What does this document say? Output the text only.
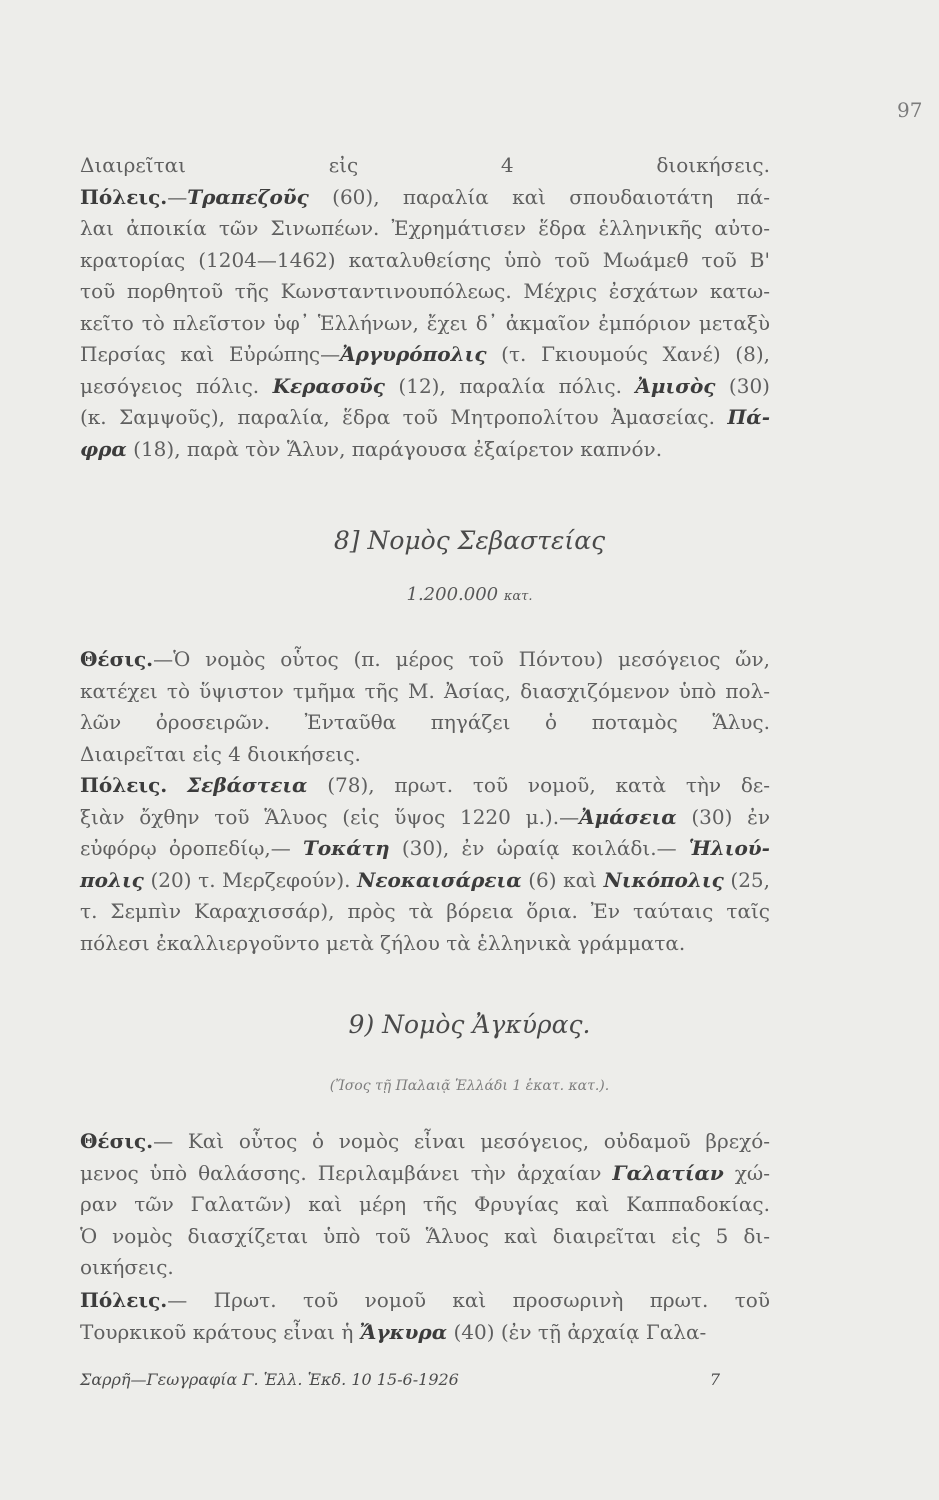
97
Διαιρεῖται εἰς 4 διοικήσεις.
Πόλεις.—Τραπεζοῦς (60), παραλία καὶ σπουδαιοτάτη πά-
λαι ἀποικία τῶν Σινωπέων. Ἐχρημάτισεν ἕδρα ἑλληνικῆς αὐτο-
κρατορίας (1204—1462) καταλυθείσης ὑπὸ τοῦ Μωάμεθ τοῦ Β'
τοῦ πορθητοῦ τῆς Κωνσταντινουπόλεως. Μέχρις ἐσχάτων κατω-
κεῖτο τὸ πλεῖστον ὑφ᾽ Ἑλλήνων, ἔχει δ᾽ ἀκμαῖον ἐμπόριον μεταξὺ
Περσίας καὶ Εὐρώπης—Ἀργυρόπολις (τ. Γκιουμούς Χανέ) (8),
μεσόγειος πόλις. Κερασοῦς (12), παραλία πόλις. Ἀμισὸς (30)
(κ. Σαμψοῦς), παραλία, ἕδρα τοῦ Μητροπολίτου Ἀμασείας. Πά-
φρα (18), παρὰ τὸν Ἅλυν, παράγουσα ἐξαίρετον καπνόν.
8] Νομὸς Σεβαστείας
1.200.000 κατ.
Θέσις.—Ὁ νομὸς οὗτος (π. μέρος τοῦ Πόντου) μεσόγειος ὤν,
κατέχει τὸ ὕψιστον τμῆμα τῆς Μ. Ἀσίας, διασχιζόμενον ὑπὸ πολ-
λῶν ὀροσειρῶν. Ἐνταῦθα πηγάζει ὁ ποταμὸς Ἅλυς.
Διαιρεῖται εἰς 4 διοικήσεις.
Πόλεις. Σεβάστεια (78), πρωτ. τοῦ νομοῦ, κατὰ τὴν δε-
ξιὰν ὄχθην τοῦ Ἅλυος (εἰς ὕψος 1220 μ.).—Ἀμάσεια (30) ἐν
εὐφόρῳ ὀροπεδίῳ,— Τοκάτη (30), ἐν ὡραίᾳ κοιλάδι.— Ἡλιού-
πολις (20) τ. Μερζεφούν). Νεοκαισάρεια (6) καὶ Νικόπολις (25,
τ. Σεμπὶν Καραχισσάρ), πρὸς τὰ βόρεια ὅρια. Ἐν ταύταις ταῖς
πόλεσι ἐκαλλιεργοῦντο μετὰ ζήλου τὰ ἑλληνικὰ γράμματα.
9) Νομὸς Ἀγκύρας.
(Ἴσος τῇ Παλαιᾷ Ἑλλάδι 1 ἑκατ. κατ.).
Θέσις.— Καὶ οὗτος ὁ νομὸς εἶναι μεσόγειος, οὐδαμοῦ βρεχό-
μενος ὑπὸ θαλάσσης. Περιλαμβάνει τὴν ἀρχαίαν Γαλατίαν χώ-
ραν τῶν Γαλατῶν) καὶ μέρη τῆς Φρυγίας καὶ Καππαδοκίας.
Ὁ νομὸς διασχίζεται ὑπὸ τοῦ Ἅλυος καὶ διαιρεῖται εἰς 5 δι-
οικήσεις.
Πόλεις.— Πρωτ. τοῦ νομοῦ καὶ προσωρινὴ πρωτ. τοῦ
Τουρκικοῦ κράτους εἶναι ἡ Ἄγκυρα (40) (ἐν τῇ ἀρχαίᾳ Γαλα-
Σαρρῆ—Γεωγραφία Γ. Ἑλλ. Ἑκδ. 10 15-6-1926	7
